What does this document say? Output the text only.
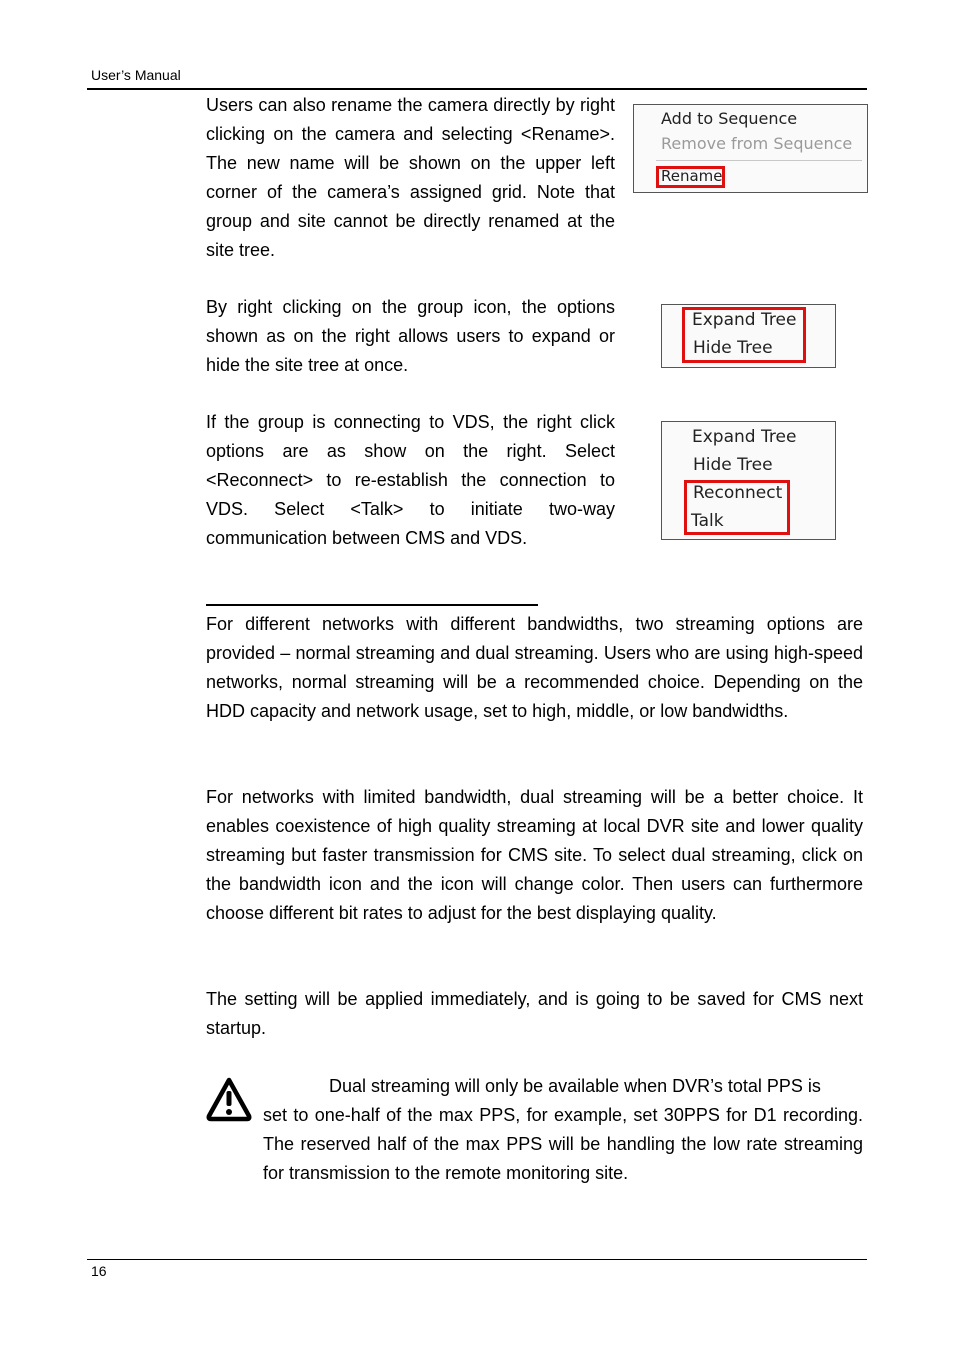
User’s Manual

Users can also rename the camera directly by right clicking on the camera and selecting <Rename>. The new name will be shown on the upper left corner of the camera’s assigned grid. Note that group and site cannot be directly renamed at the site tree.

Add to Sequence
Remove from Sequence
Rename

By right clicking on the group icon, the options shown as on the right allows users to expand or hide the site tree at once.

Expand Tree
Hide Tree

If the group is connecting to VDS, the right click options are as show on the right. Select <Reconnect> to re-establish the connection to VDS. Select <Talk> to initiate two-way communication between CMS and VDS.

Expand Tree
Hide Tree
Reconnect
Talk

For different networks with different bandwidths, two streaming options are provided – normal streaming and dual streaming. Users who are using high-speed networks, normal streaming will be a recommended choice. Depending on the HDD capacity and network usage, set to high, middle, or low bandwidths.

For networks with limited bandwidth, dual streaming will be a better choice. It enables coexistence of high quality streaming at local DVR site and lower quality streaming but faster transmission for CMS site. To select dual streaming, click on the bandwidth icon and the icon will change color. Then users can furthermore choose different bit rates to adjust for the best displaying quality.

The setting will be applied immediately, and is going to be saved for CMS next startup.

Dual streaming will only be available when DVR’s total PPS is
set to one-half of the max PPS, for example, set 30PPS for D1 recording. The reserved half of the max PPS will be handling the low rate streaming for transmission to the remote monitoring site.

16
